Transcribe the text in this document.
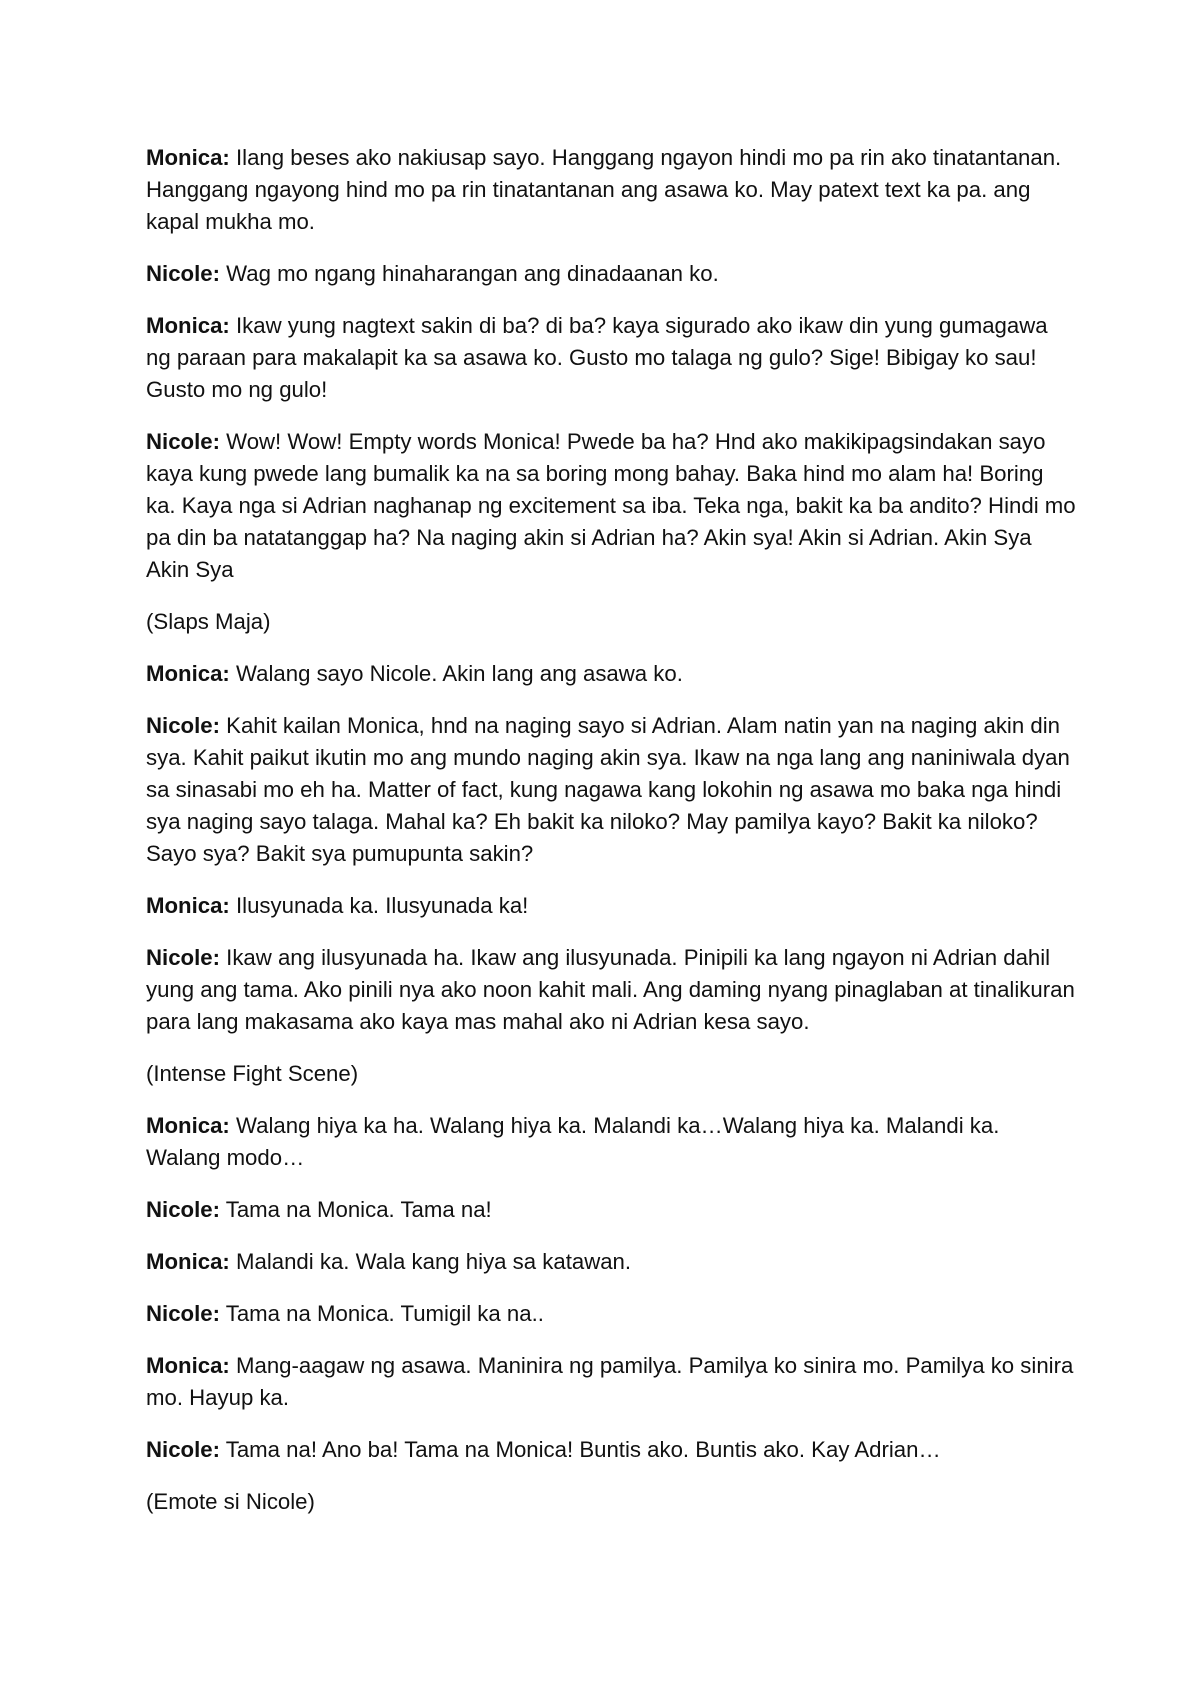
Monica: Ilang beses ako nakiusap sayo. Hanggang ngayon hindi mo pa rin ako tinatantanan. Hanggang ngayong hind mo pa rin tinatantanan ang asawa ko. May patext text ka pa. ang kapal mukha mo.

Nicole: Wag mo ngang hinaharangan ang dinadaanan ko.

Monica: Ikaw yung nagtext sakin di ba? di ba? kaya sigurado ako ikaw din yung gumagawa ng paraan para makalapit ka sa asawa ko. Gusto mo talaga ng gulo? Sige! Bibigay ko sau! Gusto mo ng gulo!

Nicole: Wow! Wow! Empty words Monica! Pwede ba ha? Hnd ako makikipagsindakan sayo kaya kung pwede lang bumalik ka na sa boring mong bahay. Baka hind mo alam ha! Boring ka. Kaya nga si Adrian naghanap ng excitement sa iba. Teka nga, bakit ka ba andito? Hindi mo pa din ba natatanggap ha? Na naging akin si Adrian ha? Akin sya! Akin si Adrian. Akin Sya Akin Sya

(Slaps Maja)

Monica: Walang sayo Nicole. Akin lang ang asawa ko.

Nicole: Kahit kailan Monica, hnd na naging sayo si Adrian. Alam natin yan na naging akin din sya. Kahit paikut ikutin mo ang mundo naging akin sya. Ikaw na nga lang ang naniniwala dyan sa sinasabi mo eh ha. Matter of fact, kung nagawa kang lokohin ng asawa mo baka nga hindi sya naging sayo talaga. Mahal ka? Eh bakit ka niloko? May pamilya kayo? Bakit ka niloko? Sayo sya? Bakit sya pumupunta sakin?

Monica: Ilusyunada ka. Ilusyunada ka!

Nicole: Ikaw ang ilusyunada ha. Ikaw ang ilusyunada. Pinipili ka lang ngayon ni Adrian dahil yung ang tama. Ako pinili nya ako noon kahit mali. Ang daming nyang pinaglaban at tinalikuran para lang makasama ako kaya mas mahal ako ni Adrian kesa sayo.

(Intense Fight Scene)

Monica: Walang hiya ka ha. Walang hiya ka. Malandi ka…Walang hiya ka. Malandi ka. Walang modo…

Nicole: Tama na Monica. Tama na!

Monica: Malandi ka. Wala kang hiya sa katawan.

Nicole: Tama na Monica. Tumigil ka na..

Monica: Mang-aagaw ng asawa. Maninira ng pamilya. Pamilya ko sinira mo. Pamilya ko sinira mo. Hayup ka.

Nicole: Tama na! Ano ba! Tama na Monica! Buntis ako. Buntis ako. Kay Adrian…

(Emote si Nicole)
